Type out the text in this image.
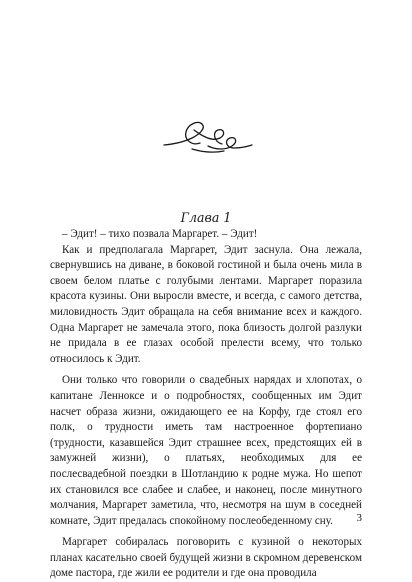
Глава 1

– Эдит! – тихо позвала Маргарет. – Эдит!

Как и предполагала Маргарет, Эдит заснула. Она лежала, свернувшись на диване, в боковой гостиной и была очень мила в своем белом платье с голубыми лентами. Маргарет поразила красота кузины. Они выросли вместе, и всегда, с самого детства, миловидность Эдит обращала на себя внимание всех и каждого. Одна Маргарет не замечала этого, пока близость долгой разлуки не придала в ее глазах особой прелести всему, что только относилось к Эдит.

Они только что говорили о свадебных нарядах и хлопотах, о капитане Ленноксе и о подробностях, сообщенных им Эдит насчет образа жизни, ожидающего ее на Корфу, где стоял его полк, о трудности иметь там настроенное фортепиано (трудности, казавшейся Эдит страшнее всех, предстоящих ей в замужней жизни), о платьях, необходимых для ее послесвадебной поездки в Шотландию к родне мужа. Но шепот их становился все слабее и слабее, и наконец, после минутного молчания, Маргарет заметила, что, несмотря на шум в соседней комнате, Эдит предалась спокойному послеобеденному сну.

Маргарет собиралась поговорить с кузиной о некоторых планах касательно своей будущей жизни в скромном деревенском доме пастора, где жили ее родители и где она проводила

3
